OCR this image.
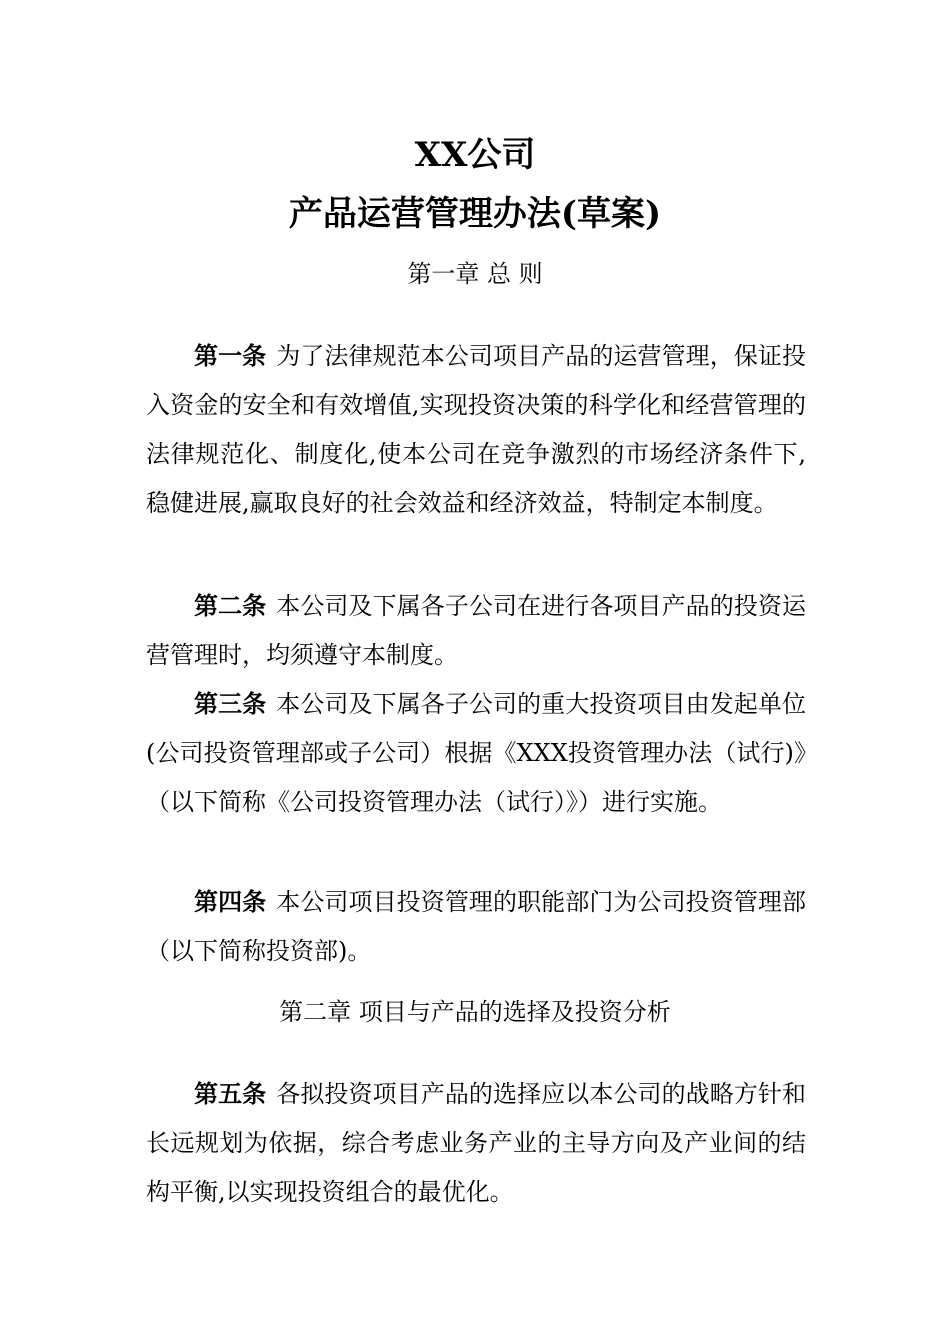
XX公司
产品运营管理办法(草案)
第一章 总 则

第一条 为了法律规范本公司项目产品的运营管理，保证投入资金的安全和有效增值,实现投资决策的科学化和经营管理的法律规范化、制度化,使本公司在竞争激烈的市场经济条件下,稳健进展,赢取良好的社会效益和经济效益，特制定本制度。

第二条 本公司及下属各子公司在进行各项目产品的投资运营管理时，均须遵守本制度。

第三条 本公司及下属各子公司的重大投资项目由发起单位(公司投资管理部或子公司）根据《XXX投资管理办法（试行)》（以下简称《公司投资管理办法（试行）》）进行实施。

第四条 本公司项目投资管理的职能部门为公司投资管理部（以下简称投资部)。

第二章 项目与产品的选择及投资分析

第五条 各拟投资项目产品的选择应以本公司的战略方针和长远规划为依据，综合考虑业务产业的主导方向及产业间的结构平衡,以实现投资组合的最优化。
